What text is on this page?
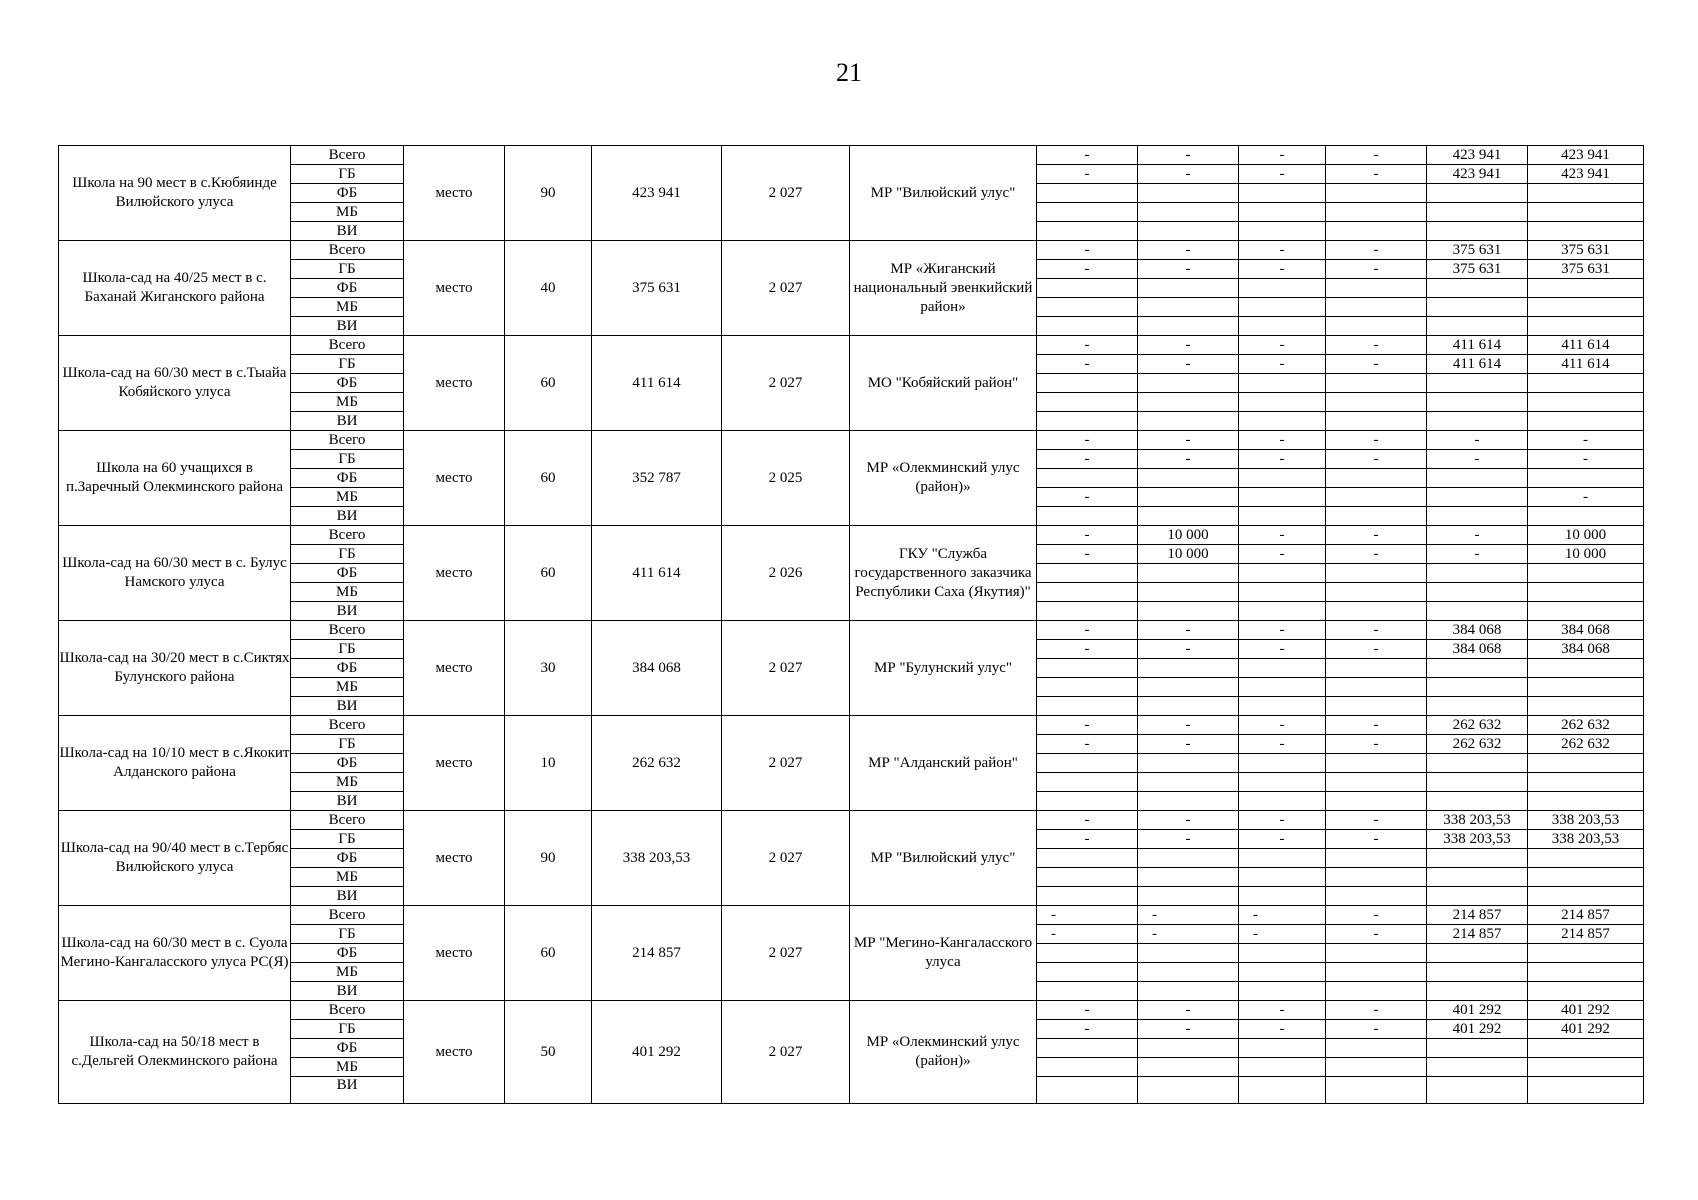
21
Школа на 90 мест в с.Кюбяинде Вилюйского улуса	Всего	место	90	423 941	2 027	МР "Вилюйский улус"	-	-	-	-	423 941	423 941
	ГБ						-	-	-	-	423 941	423 941
	ФБ											
	МБ											
	ВИ											
Школа-сад на 40/25 мест в с. Баханай Жиганского района	Всего	место	40	375 631	2 027	МР «Жиганский национальный эвенкийский район»	-	-	-	-	375 631	375 631
	ГБ						-	-	-	-	375 631	375 631
	ФБ											
	МБ											
	ВИ											
Школа-сад на 60/30 мест в с.Тыайа Кобяйского улуса	Всего	место	60	411 614	2 027	МО "Кобяйский район"	-	-	-	-	411 614	411 614
	ГБ						-	-	-	-	411 614	411 614
	ФБ											
	МБ											
	ВИ											
Школа на 60 учащихся в п.Заречный Олекминского района	Всего	место	60	352 787	2 025	МР «Олекминский улус (район)»	-	-	-	-	-	-
	ГБ						-	-	-	-	-	-
	ФБ											
	МБ						-					-
	ВИ											
Школа-сад на 60/30 мест в с. Булус Намского улуса	Всего	место	60	411 614	2 026	ГКУ "Служба государственного заказчика Республики Саха (Якутия)"	-	10 000	-	-	-	10 000
	ГБ						-	10 000	-	-	-	10 000
	ФБ											
	МБ											
	ВИ											
Школа-сад на 30/20 мест в с.Сиктях Булунского района	Всего	место	30	384 068	2 027	МР "Булунский улус"	-	-	-	-	384 068	384 068
	ГБ						-	-	-	-	384 068	384 068
	ФБ											
	МБ											
	ВИ											
Школа-сад на 10/10 мест в с.Якокит Алданского района	Всего	место	10	262 632	2 027	МР "Алданский район"	-	-	-	-	262 632	262 632
	ГБ						-	-	-	-	262 632	262 632
	ФБ											
	МБ											
	ВИ											
Школа-сад на 90/40 мест в с.Тербяс Вилюйского улуса	Всего	место	90	338 203,53	2 027	МР "Вилюйский улус"	-	-	-	-	338 203,53	338 203,53
	ГБ						-	-	-	-	338 203,53	338 203,53
	ФБ											
	МБ											
	ВИ											
Школа-сад на 60/30 мест в с. Суола Мегино-Кангаласского улуса РС(Я)	Всего	место	60	214 857	2 027	МР "Мегино-Кангаласского улуса	-	-	-	-	214 857	214 857
	ГБ						-	-	-	-	214 857	214 857
	ФБ											
	МБ											
	ВИ											
Школа-сад на 50/18 мест в с.Дельгей Олекминского района	Всего	место	50	401 292	2 027	МР «Олекминский улус (район)»	-	-	-	-	401 292	401 292
	ГБ						-	-	-	-	401 292	401 292
	ФБ											
	МБ											
	ВИ											
